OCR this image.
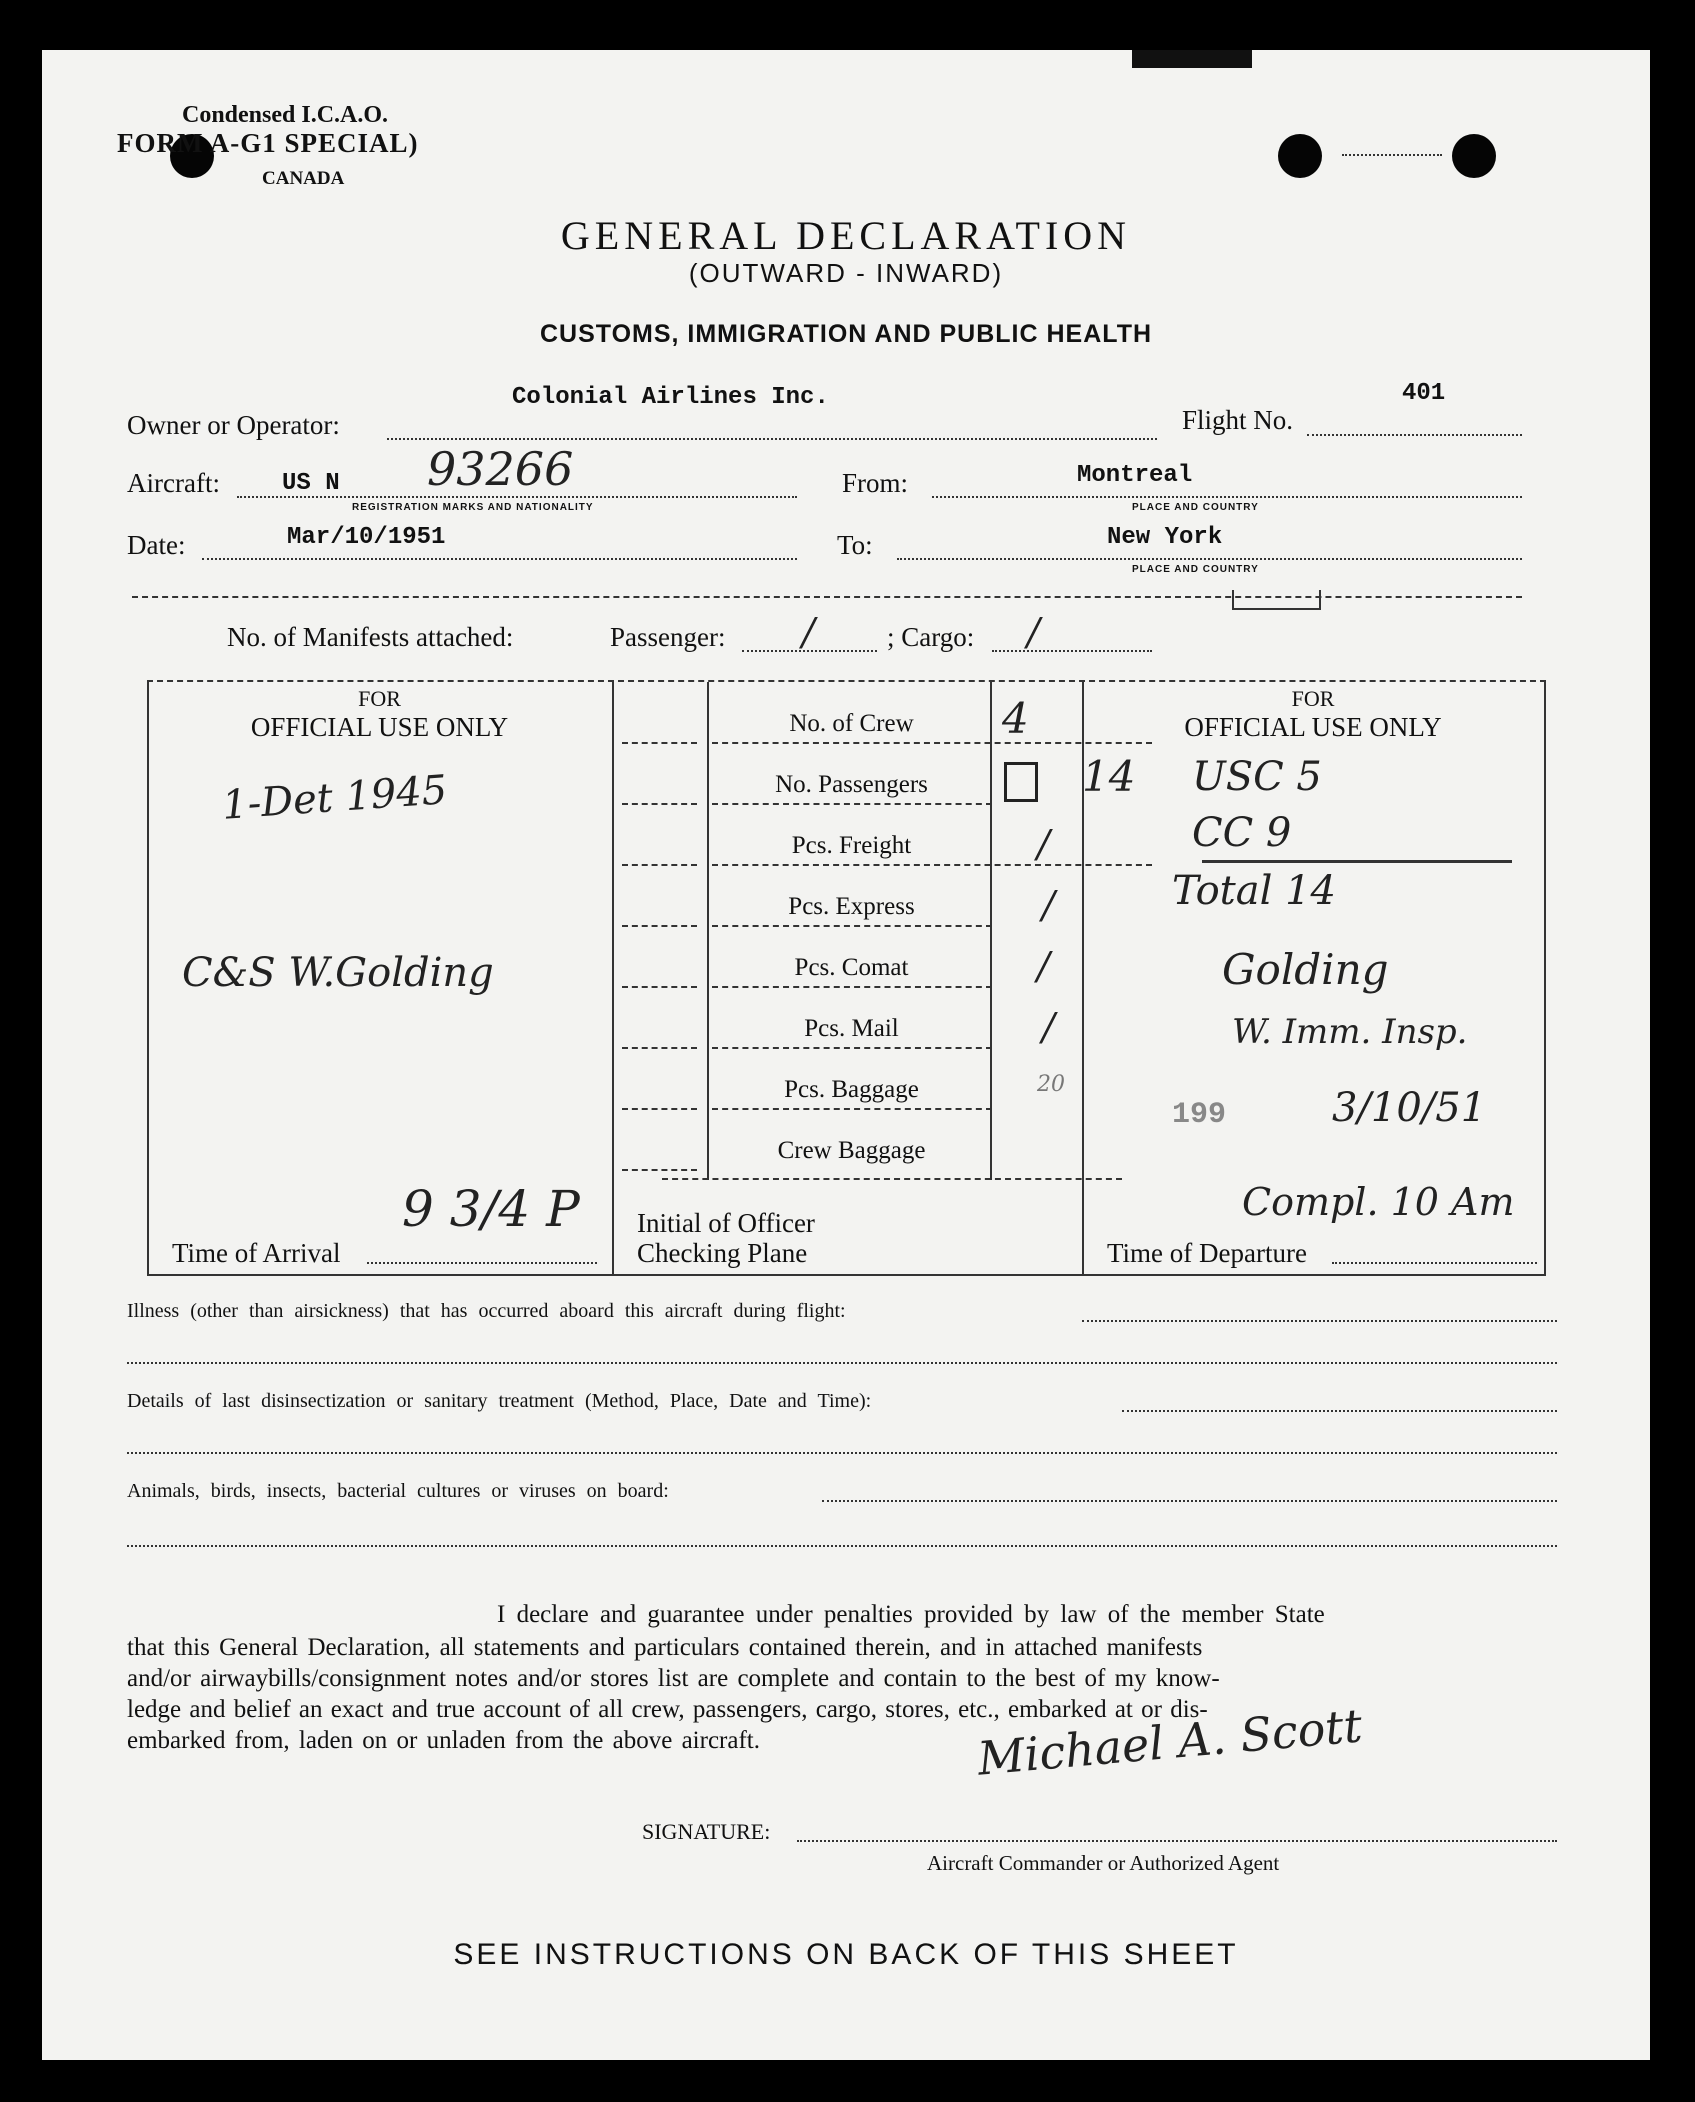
Condensed I.C.A.O.
FORM A-G1 SPECIAL)
CANADA
GENERAL DECLARATION
(OUTWARD - INWARD)
CUSTOMS, IMMIGRATION AND PUBLIC HEALTH
Owner or Operator:
Colonial Airlines Inc.
Flight No.
401
Aircraft:	US N 93266
REGISTRATION MARKS AND NATIONALITY
From:	Montreal
PLACE AND COUNTRY
Date:	Mar/10/1951	To:	New York
PLACE AND COUNTRY
No. of Manifests attached:	Passenger: /	; Cargo: /
FOR
OFFICIAL USE ONLY
FOR
OFFICIAL USE ONLY
No. of Crew	4
No. Passengers	14
Pcs. Freight	/
Pcs. Express	/
Pcs. Comat	/
Pcs. Mail	/
Pcs. Baggage	20
Crew Baggage
1-Det 1945
C&S W.Golding
USC 5
CC 9
Total 14
Golding
W. Imm. Insp.
199	3/10/51
Compl. 10 Am
Time of Arrival
9 3/4 P Initial of Officer
Checking Plane	Time of Departure
Illness (other than airsickness) that has occurred aboard this aircraft during flight:
Details of last disinsectization or sanitary treatment (Method, Place, Date and Time):
Animals, birds, insects, bacterial cultures or viruses on board:
I declare and guarantee under penalties provided by law of the member State
that this General Declaration, all statements and particulars contained therein, and in attached manifests
and/or airwaybills/consignment notes and/or stores list are complete and contain to the best of my know-
ledge and belief an exact and true account of all crew, passengers, cargo, stores, etc., embarked at or dis-
embarked from, laden on or unladen from the above aircraft.	Michael A. Scott
SIGNATURE:
Aircraft Commander or Authorized Agent
SEE INSTRUCTIONS ON BACK OF THIS SHEET
